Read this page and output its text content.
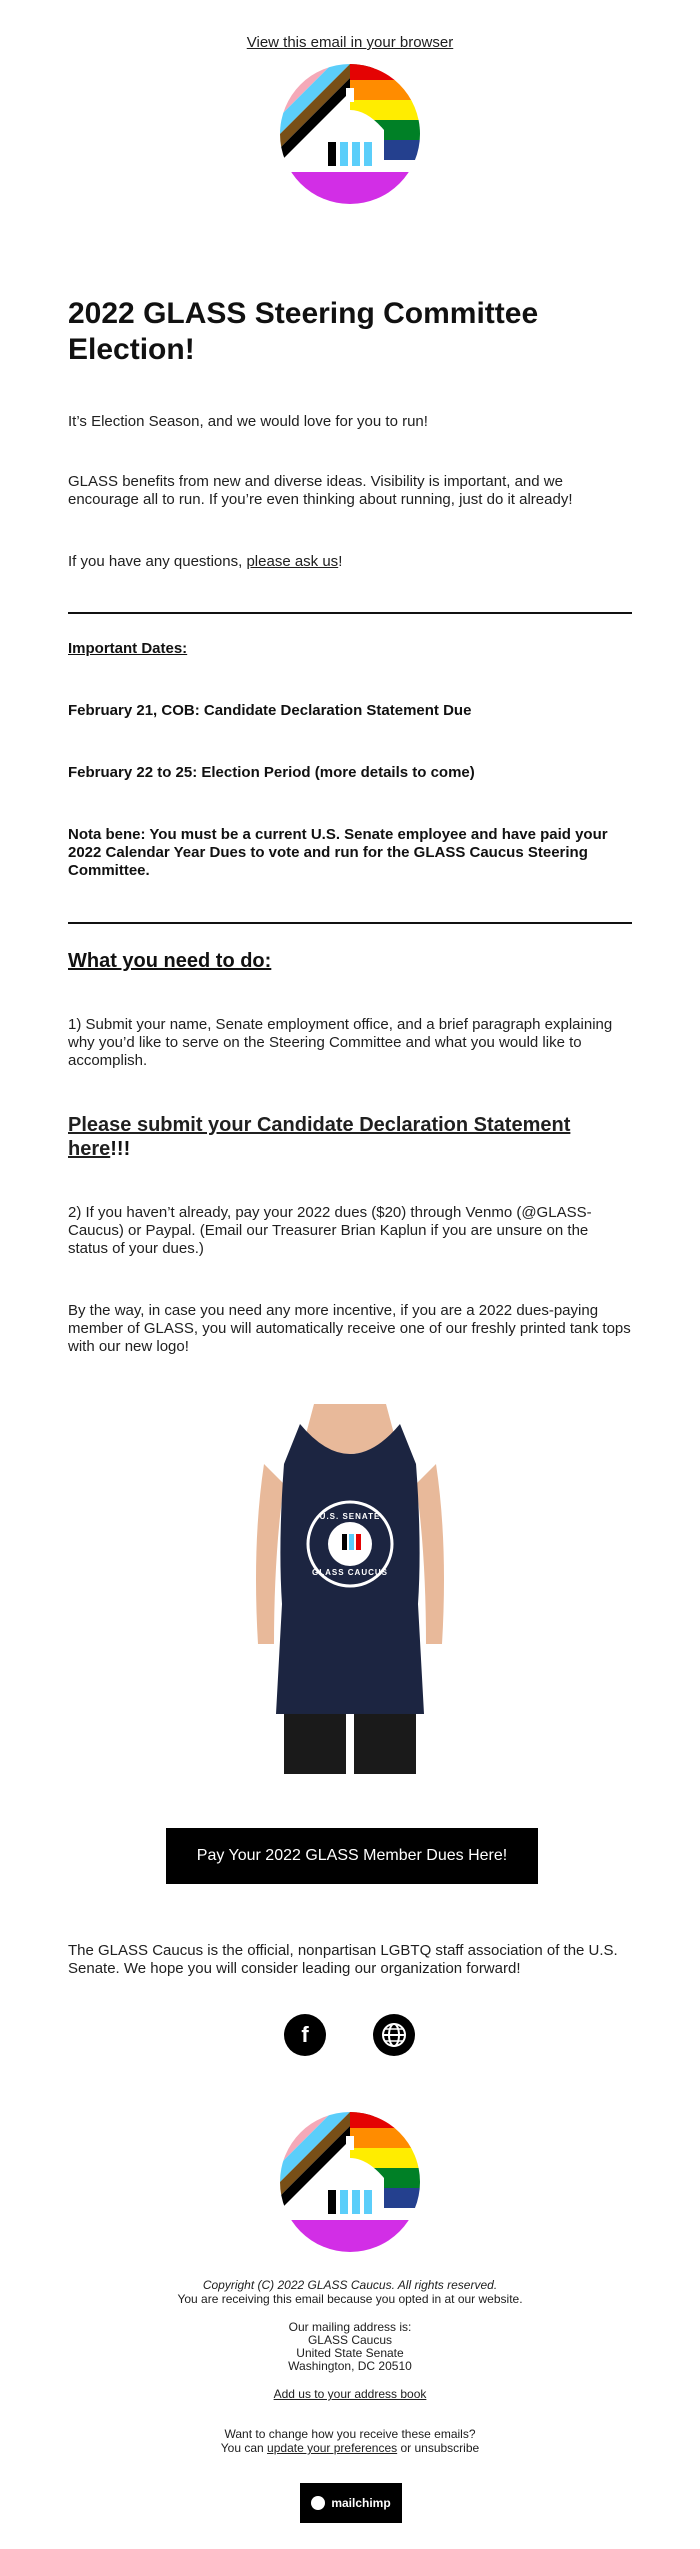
View this email in your browser
2022 GLASS Steering Committee Election!
It’s Election Season, and we would love for you to run!
GLASS benefits from new and diverse ideas. Visibility is important, and we encourage all to run. If you’re even thinking about running, just do it already!
If you have any questions, please ask us!
Important Dates:
February 21, COB: Candidate Declaration Statement Due
February 22 to 25: Election Period (more details to come)
Nota bene: You must be a current U.S. Senate employee and have paid your 2022 Calendar Year Dues to vote and run for the GLASS Caucus Steering Committee.
What you need to do:
1) Submit your name, Senate employment office, and a brief paragraph explaining why you’d like to serve on the Steering Committee and what you would like to accomplish.
Please submit your Candidate Declaration Statement here!!!
2) If you haven’t already, pay your 2022 dues ($20) through Venmo (@GLASS-Caucus) or Paypal. (Email our Treasurer Brian Kaplun if you are unsure on the status of your dues.)
By the way, in case you need any more incentive, if you are a 2022 dues-paying member of GLASS, you will automatically receive one of our freshly printed tank tops with our new logo!
U.S. SENATE
GLASS CAUCUS
Pay Your 2022 GLASS Member Dues Here!
The GLASS Caucus is the official, nonpartisan LGBTQ staff association of the U.S. Senate. We hope you will consider leading our organization forward!
f
Copyright (C) 2022 GLASS Caucus. All rights reserved.
You are receiving this email because you opted in at our website.
Our mailing address is:
GLASS Caucus
United State Senate
Washington, DC 20510
Add us to your address book
Want to change how you receive these emails?
You can update your preferences or unsubscribe
mailchimp
